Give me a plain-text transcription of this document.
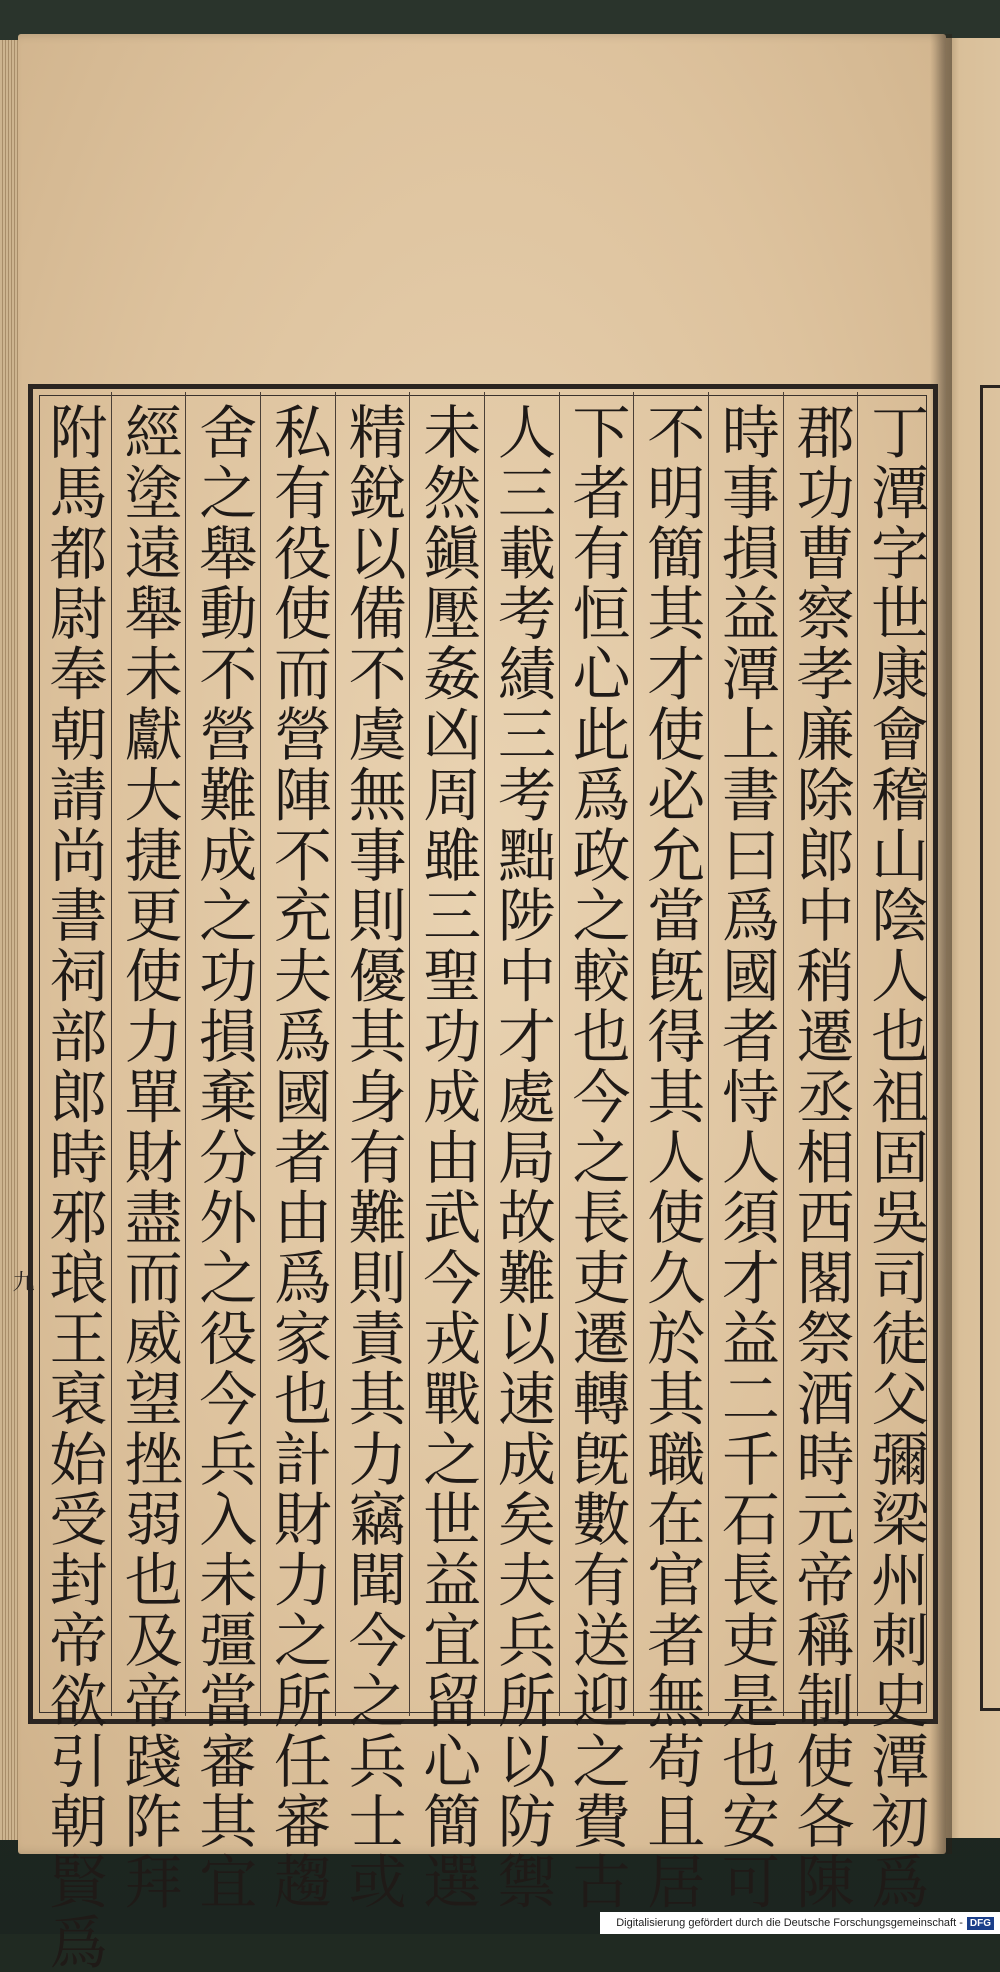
丁潭字世康會稽山陰人也祖固吳司徒父彌梁州刺史潭初爲
郡功曹察孝廉除郎中稍遷丞相西閣祭酒時元帝稱制使各陳
時事損益潭上書曰爲國者恃人須才益二千石長吏是也安可
不明簡其才使必允當旣得其人使久於其職在官者無苟且居
下者有恒心此爲政之較也今之長吏遷轉旣數有送迎之費古
人三載考績三考黜陟中才處局故難以速成矣夫兵所以防禦
未然鎭壓姦凶周雖三聖功成由武今戎戰之世益宜留心簡選
精銳以備不虞無事則優其身有難則責其力竊聞今之兵士或
私有役使而營陣不充夫爲國者由爲家也計財力之所任審趨
舍之舉動不營難成之功損棄分外之役今兵入未彊當審其宜
經塗遠舉未獻大捷更使力單財盡而威望挫弱也及帝踐阼拜
附馬都尉奉朝請尚書祠部郎時邪琅王裒始受封帝欲引朝賢爲
九
Digitalisierung gefördert durch die Deutsche Forschungsgemeinschaft - DFG
